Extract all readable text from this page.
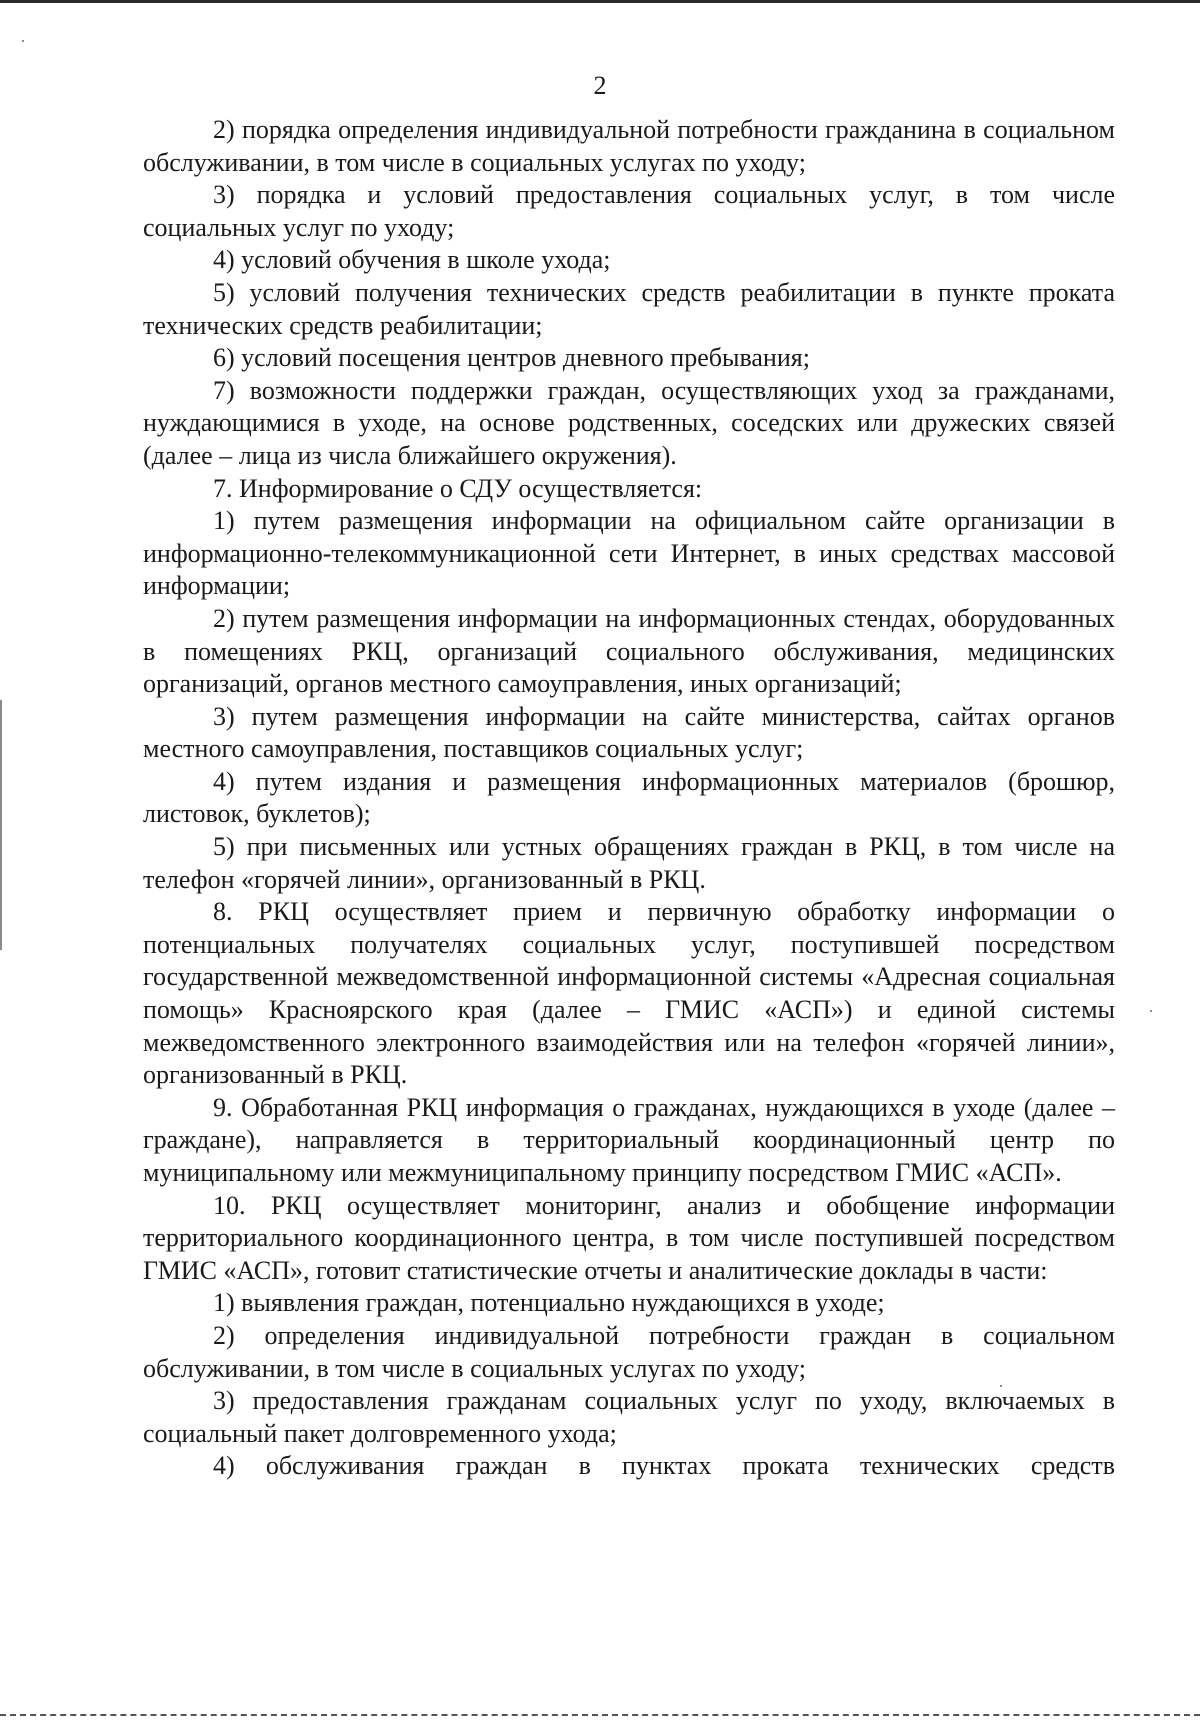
2

2) порядка определения индивидуальной потребности гражданина в социальном обслуживании, в том числе в социальных услугах по уходу;

3) порядка и условий предоставления социальных услуг, в том числе социальных услуг по уходу;

4) условий обучения в школе ухода;

5) условий получения технических средств реабилитации в пункте проката технических средств реабилитации;

6) условий посещения центров дневного пребывания;

7) возможности поддержки граждан, осуществляющих уход за гражданами, нуждающимися в уходе, на основе родственных, соседских или дружеских связей (далее – лица из числа ближайшего окружения).

7. Информирование о СДУ осуществляется:

1) путем размещения информации на официальном сайте организации в информационно-телекоммуникационной сети Интернет, в иных средствах массовой информации;

2) путем размещения информации на информационных стендах, оборудованных в помещениях РКЦ, организаций социального обслуживания, медицинских организаций, органов местного самоуправления, иных организаций;

3) путем размещения информации на сайте министерства, сайтах органов местного самоуправления, поставщиков социальных услуг;

4) путем издания и размещения информационных материалов (брошюр, листовок, буклетов);

5) при письменных или устных обращениях граждан в РКЦ, в том числе на телефон «горячей линии», организованный в РКЦ.

8. РКЦ осуществляет прием и первичную обработку информации о потенциальных получателях социальных услуг, поступившей посредством государственной межведомственной информационной системы «Адресная социальная помощь» Красноярского края (далее – ГМИС «АСП») и единой системы межведомственного электронного взаимодействия или на телефон «горячей линии», организованный в РКЦ.

9. Обработанная РКЦ информация о гражданах, нуждающихся в уходе (далее – граждане), направляется в территориальный координационный центр по муниципальному или межмуниципальному принципу посредством ГМИС «АСП».

10. РКЦ осуществляет мониторинг, анализ и обобщение информации территориального координационного центра, в том числе поступившей посредством ГМИС «АСП», готовит статистические отчеты и аналитические доклады в части:

1) выявления граждан, потенциально нуждающихся в уходе;

2) определения индивидуальной потребности граждан в социальном обслуживании, в том числе в социальных услугах по уходу;

3) предоставления гражданам социальных услуг по уходу, включаемых в социальный пакет долговременного ухода;

4) обслуживания граждан в пунктах проката технических средств
